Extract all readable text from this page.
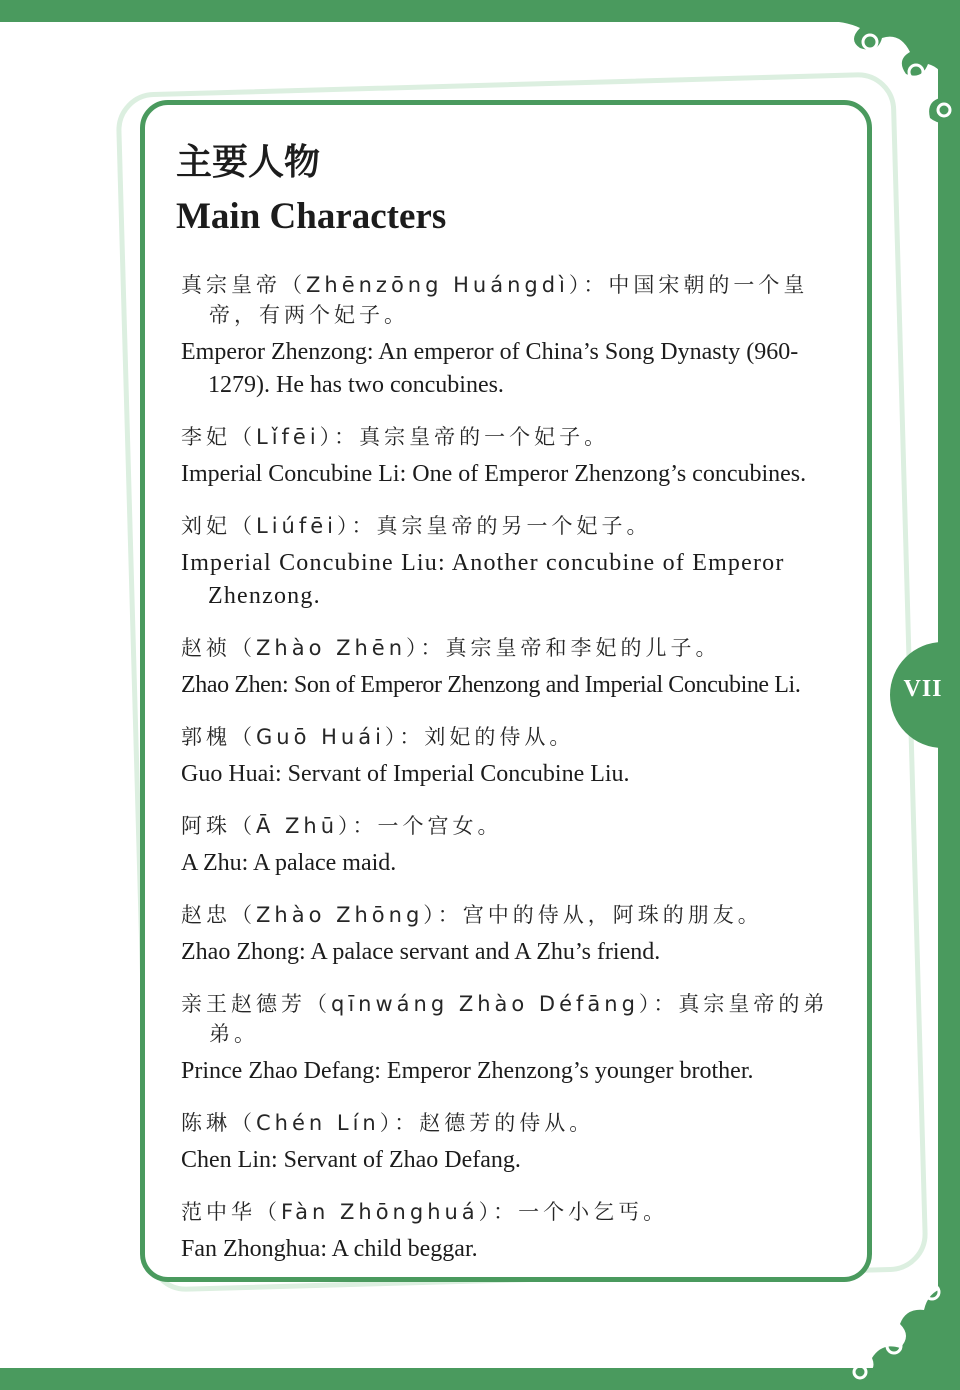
VII
主要人物
Main Characters
真宗皇帝（Zhēnzōng Huángdì）：中国宋朝的一个皇帝，有两个妃子。
Emperor Zhenzong: An emperor of China’s Song Dynasty (960-1279). He has two concubines.
李妃（Lǐfēi）：真宗皇帝的一个妃子。
Imperial Concubine Li: One of Emperor Zhenzong’s concubines.
刘妃（Liúfēi）：真宗皇帝的另一个妃子。
Imperial Concubine Liu: Another concubine of Emperor Zhenzong.
赵祯（Zhào Zhēn）：真宗皇帝和李妃的儿子。
Zhao Zhen: Son of Emperor Zhenzong and Imperial Concubine Li.
郭槐（Guō Huái）：刘妃的侍从。
Guo Huai: Servant of Imperial Concubine Liu.
阿珠（Ā Zhū）：一个宫女。
A Zhu: A palace maid.
赵忠（Zhào Zhōng）：宫中的侍从，阿珠的朋友。
Zhao Zhong: A palace servant and A Zhu’s friend.
亲王赵德芳（qīnwáng Zhào Défāng）：真宗皇帝的弟弟。
Prince Zhao Defang: Emperor Zhenzong’s younger brother.
陈琳（Chén Lín）：赵德芳的侍从。
Chen Lin: Servant of Zhao Defang.
范中华（Fàn Zhōnghuá）：一个小乞丐。
Fan Zhonghua: A child beggar.
